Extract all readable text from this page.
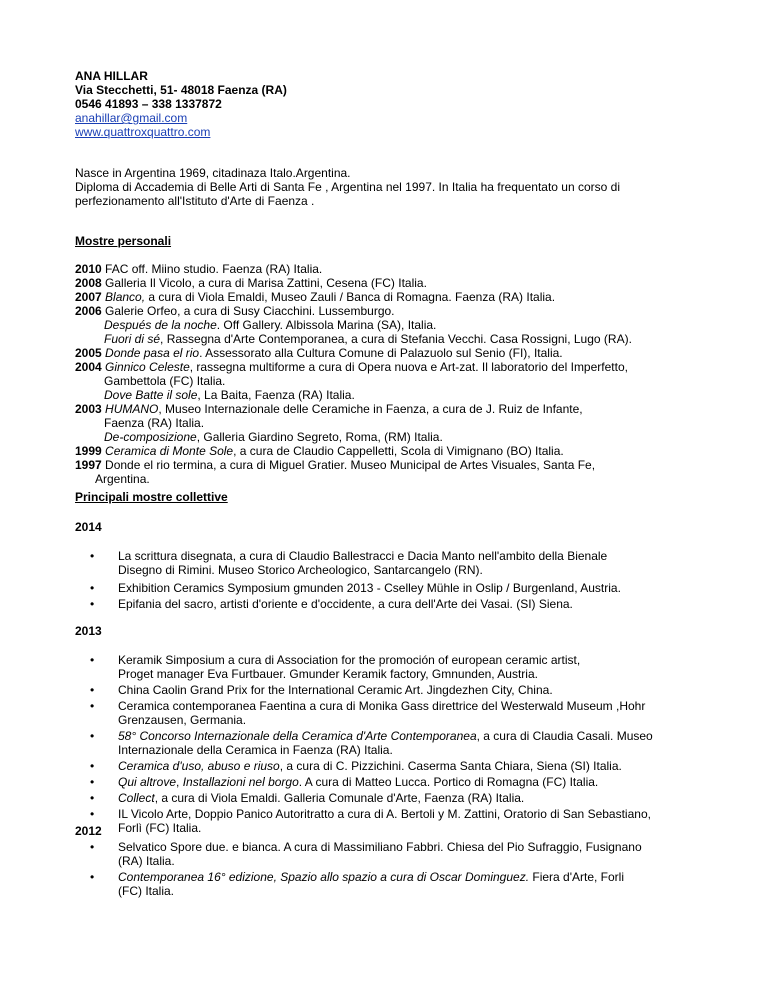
ANA HILLAR
Via Stecchetti, 51- 48018 Faenza (RA)
0546 41893 – 338 1337872
anahillar@gmail.com
www.quattroxquattro.com
Nasce in Argentina 1969, citadinaza Italo.Argentina.
Diploma di Accademia di Belle Arti di Santa Fe , Argentina nel 1997. In Italia ha frequentato un corso di
perfezionamento all'Istituto d'Arte di Faenza .
Mostre personali
2010 FAC off. Miino studio. Faenza (RA) Italia.
2008 Galleria Il Vicolo, a cura di Marisa Zattini, Cesena (FC) Italia.
2007 Blanco, a cura di Viola Emaldi, Museo Zauli / Banca di Romagna. Faenza (RA) Italia.
2006 Galerie Orfeo, a cura di Susy Ciacchini. Lussemburgo.
Después de la noche. Off Gallery. Albissola Marina (SA), Italia.
Fuori di sé, Rassegna d'Arte Contemporanea, a cura di Stefania Vecchi. Casa Rossigni, Lugo (RA).
2005 Donde pasa el rio. Assessorato alla Cultura Comune di Palazuolo sul Senio (FI), Italia.
2004 Ginnico Celeste, rassegna multiforme a cura di Opera nuova e Art-zat. Il laboratorio del Imperfetto,
Gambettola (FC) Italia.
Dove Batte il sole, La Baita, Faenza (RA) Italia.
2003 HUMANO, Museo Internazionale delle Ceramiche in Faenza, a cura de J. Ruiz de Infante,
Faenza (RA) Italia.
De-composizione, Galleria Giardino Segreto, Roma, (RM) Italia.
1999 Ceramica di Monte Sole, a cura de Claudio Cappelletti, Scola di Vimignano (BO) Italia.
1997 Donde el rio termina, a cura di Miguel Gratier. Museo Municipal de Artes Visuales, Santa Fe,
Argentina.
Principali mostre collettive
2014
• La scrittura disegnata, a cura di Claudio Ballestracci e Dacia Manto nell'ambito della Bienale
Disegno di Rimini. Museo Storico Archeologico, Santarcangelo (RN).
• Exhibition Ceramics Symposium gmunden 2013 - Cselley Mühle in Oslip / Burgenland, Austria.
• Epifania del sacro, artisti d'oriente e d'occidente, a cura dell'Arte dei Vasai. (SI) Siena.
2013
• Keramik Simposium a cura di Association for the promoción of european ceramic artist,
Proget manager Eva Furtbauer. Gmunder Keramik factory, Gmnunden, Austria.
• China Caolin Grand Prix for the International Ceramic Art. Jingdezhen City, China.
• Ceramica contemporanea Faentina a cura di Monika Gass direttrice del Westerwald Museum ,Hohr
Grenzausen, Germania.
• 58° Concorso Internazionale della Ceramica d'Arte Contemporanea, a cura di Claudia Casali. Museo
Internazionale della Ceramica in Faenza (RA) Italia.
• Ceramica d'uso, abuso e riuso, a cura di C. Pizzichini. Caserma Santa Chiara, Siena (SI) Italia.
• Qui altrove, Installazioni nel borgo. A cura di Matteo Lucca. Portico di Romagna (FC) Italia.
• Collect, a cura di Viola Emaldi. Galleria Comunale d'Arte, Faenza (RA) Italia.
• IL Vicolo Arte, Doppio Panico Autoritratto a cura di A. Bertoli y M. Zattini, Oratorio di San Sebastiano,
Forlì (FC) Italia.
2012
• Selvatico Spore due. e bianca. A cura di Massimiliano Fabbri. Chiesa del Pio Sufraggio, Fusignano
(RA) Italia.
• Contemporanea 16° edizione, Spazio allo spazio a cura di Oscar Dominguez. Fiera d'Arte, Forli
(FC) Italia.
